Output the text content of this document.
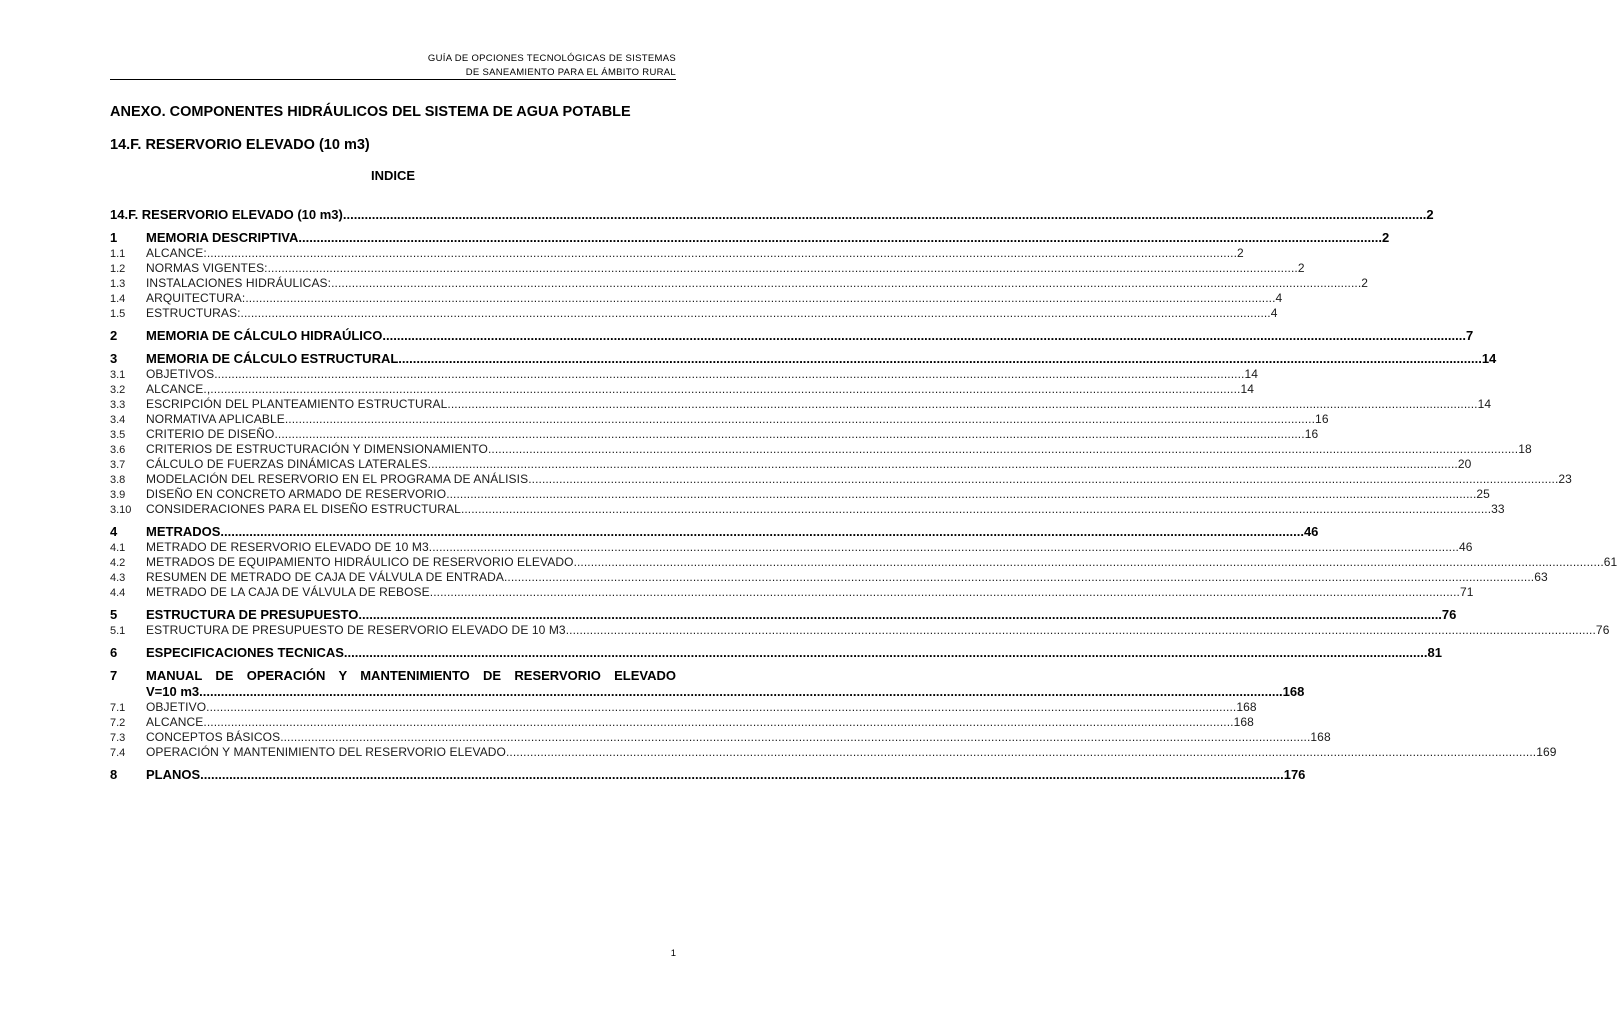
GUÍA DE OPCIONES TECNOLÓGICAS DE SISTEMAS
DE SANEAMIENTO PARA EL ÁMBITO RURAL
ANEXO. COMPONENTES HIDRÁULICOS DEL SISTEMA DE AGUA POTABLE
14.F. RESERVORIO ELEVADO (10 m3)
INDICE
14.F. RESERVORIO ELEVADO (10 m3) ............................................................................................................................................................................................................................................................................................................ 2
1	MEMORIA DESCRIPTIVA ............................................................................................................................................................................................................................................................................................................ 2
1.1	ALCANCE: ............................................................................................................................................................................................................................................................................................................ 2
1.2	NORMAS VIGENTES: ............................................................................................................................................................................................................................................................................................................ 2
1.3	INSTALACIONES HIDRÁULICAS: ............................................................................................................................................................................................................................................................................................................ 2
1.4	ARQUITECTURA: ............................................................................................................................................................................................................................................................................................................ 4
1.5	ESTRUCTURAS: ............................................................................................................................................................................................................................................................................................................ 4
2	MEMORIA DE CÁLCULO HIDRAÚLICO ............................................................................................................................................................................................................................................................................................................ 7
3	MEMORIA DE CÁLCULO ESTRUCTURAL ............................................................................................................................................................................................................................................................................................................ 14
3.1	OBJETIVOS ............................................................................................................................................................................................................................................................................................................ 14
3.2	ALCANCE., ............................................................................................................................................................................................................................................................................................................ 14
3.3	ESCRIPCIÓN DEL PLANTEAMIENTO ESTRUCTURAL ............................................................................................................................................................................................................................................................................................................ 14
3.4	NORMATIVA APLICABLE ............................................................................................................................................................................................................................................................................................................ 16
3.5	CRITERIO DE DISEÑO ............................................................................................................................................................................................................................................................................................................ 16
3.6	CRITERIOS DE ESTRUCTURACIÓN Y DIMENSIONAMIENTO ............................................................................................................................................................................................................................................................................................................ 18
3.7	CÁLCULO DE FUERZAS DINÁMICAS LATERALES ............................................................................................................................................................................................................................................................................................................ 20
3.8	MODELACIÓN DEL RESERVORIO EN EL PROGRAMA DE ANÁLISIS ............................................................................................................................................................................................................................................................................................................ 23
3.9	DISEÑO EN CONCRETO ARMADO DE RESERVORIO ............................................................................................................................................................................................................................................................................................................ 25
3.10	CONSIDERACIONES PARA EL DISEÑO ESTRUCTURAL ............................................................................................................................................................................................................................................................................................................ 33
4	METRADOS ............................................................................................................................................................................................................................................................................................................ 46
4.1	METRADO DE RESERVORIO ELEVADO DE 10 M3 ............................................................................................................................................................................................................................................................................................................ 46
4.2	METRADOS DE EQUIPAMIENTO HIDRÁULICO DE RESERVORIO ELEVADO ............................................................................................................................................................................................................................................................................................................ 61
4.3	RESUMEN DE METRADO DE CAJA DE VÁLVULA DE ENTRADA ............................................................................................................................................................................................................................................................................................................ 63
4.4	METRADO DE LA CAJA DE VÁLVULA DE REBOSE ............................................................................................................................................................................................................................................................................................................ 71
5	ESTRUCTURA DE PRESUPUESTO ............................................................................................................................................................................................................................................................................................................ 76
5.1	ESTRUCTURA DE PRESUPUESTO DE RESERVORIO ELEVADO DE 10 M3 ............................................................................................................................................................................................................................................................................................................ 76
6	ESPECIFICACIONES TECNICAS ............................................................................................................................................................................................................................................................................................................ 81
7	MANUAL DE OPERACIÓN Y MANTENIMIENTO DE RESERVORIO ELEVADO
V=10 m3 ............................................................................................................................................................................................................................................................................................................ 168
7.1	OBJETIVO ............................................................................................................................................................................................................................................................................................................ 168
7.2	ALCANCE ............................................................................................................................................................................................................................................................................................................ 168
7.3	CONCEPTOS BÁSICOS ............................................................................................................................................................................................................................................................................................................ 168
7.4	OPERACIÓN Y MANTENIMIENTO DEL RESERVORIO ELEVADO ............................................................................................................................................................................................................................................................................................................ 169
8	PLANOS ............................................................................................................................................................................................................................................................................................................ 176
1
